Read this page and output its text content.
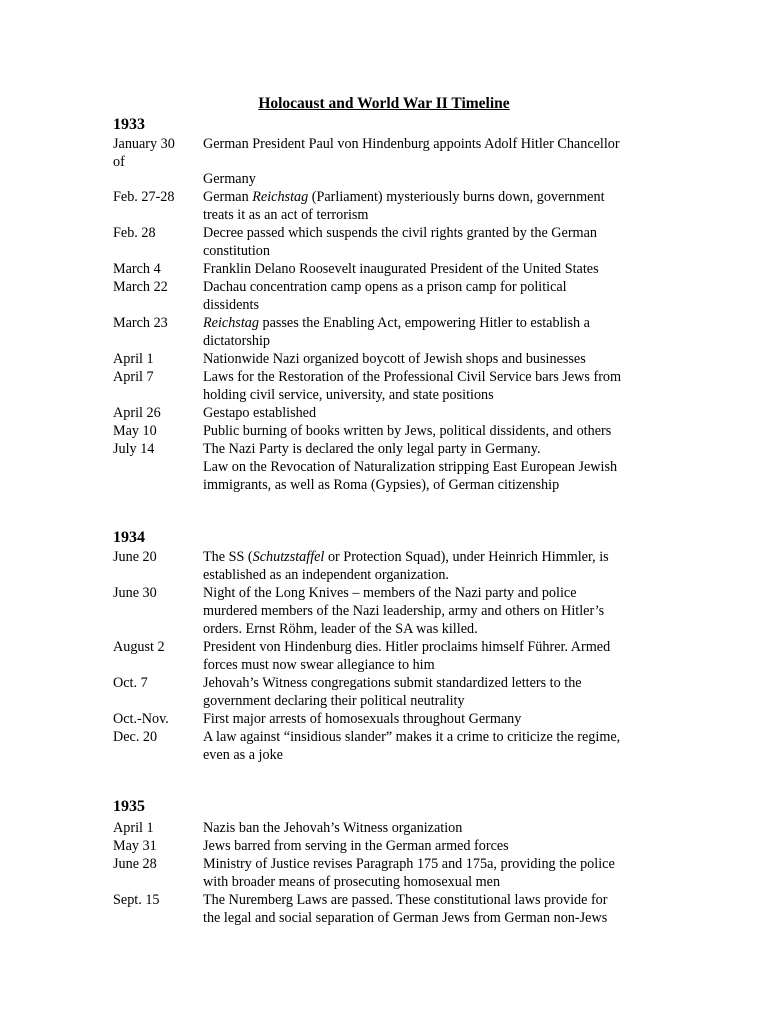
Holocaust and World War II Timeline
1933
January 30 German President Paul von Hindenburg appoints Adolf Hitler Chancellor
of

Germany
Feb. 27-28 German Reichstag (Parliament) mysteriously burns down, government
treats it as an act of terrorism
Feb. 28	Decree passed which suspends the civil rights granted by the German
constitution
March 4	Franklin Delano Roosevelt inaugurated President of the United States
March 22 Dachau concentration camp opens as a prison camp for political
dissidents
March 23 Reichstag passes the Enabling Act, empowering Hitler to establish a
dictatorship
April 1	Nationwide Nazi organized boycott of Jewish shops and businesses
April 7	Laws for the Restoration of the Professional Civil Service bars Jews from
holding civil service, university, and state positions
April 26	Gestapo established
May 10	Public burning of books written by Jews, political dissidents, and others
July 14	The Nazi Party is declared the only legal party in Germany.
Law on the Revocation of Naturalization stripping East European Jewish
immigrants, as well as Roma (Gypsies), of German citizenship
1934
June 20	The SS (Schutzstaffel or Protection Squad), under Heinrich Himmler, is
established as an independent organization.
June 30	Night of the Long Knives – members of the Nazi party and police
murdered members of the Nazi leadership, army and others on Hitler’s
orders. Ernst Röhm, leader of the SA was killed.
August 2	President von Hindenburg dies. Hitler proclaims himself Führer. Armed
forces must now swear allegiance to him
Oct. 7	Jehovah’s Witness congregations submit standardized letters to the
government declaring their political neutrality
Oct.-Nov. First major arrests of homosexuals throughout Germany
Dec. 20	A law against “insidious slander” makes it a crime to criticize the regime,
even as a joke
1935
April 1	Nazis ban the Jehovah’s Witness organization
May 31	Jews barred from serving in the German armed forces
June 28	Ministry of Justice revises Paragraph 175 and 175a, providing the police
with broader means of prosecuting homosexual men
Sept. 15	The Nuremberg Laws are passed. These constitutional laws provide for
the legal and social separation of German Jews from German non-Jews
